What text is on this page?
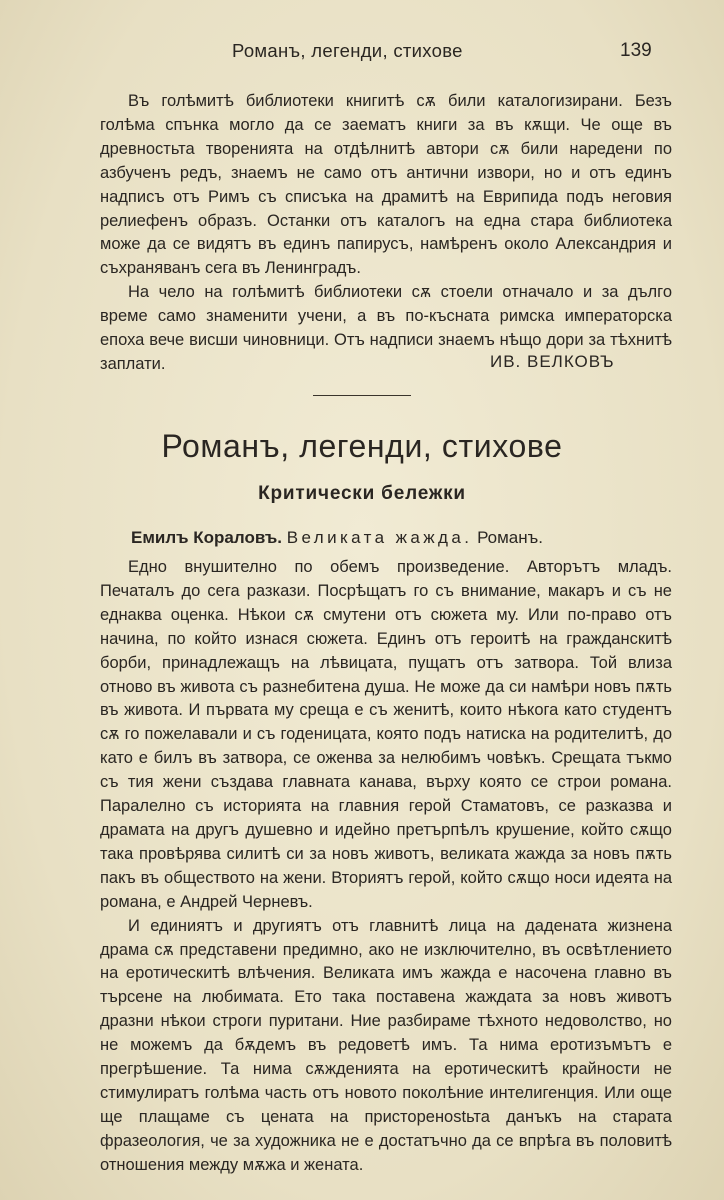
Романъ, легенди, стихове	139

Въ голѣмитѣ библиотеки книгитѣ сѫ били каталогизирани. Безъ голѣма спънка могло да се заематъ книги за въ кѫщи. Че още въ древностьта творенията на отдѣлнитѣ автори сѫ били наредени по азбученъ редъ, знаемъ не само отъ антични извори, но и отъ единъ надписъ отъ Римъ съ списъка на драмитѣ на Еврипида подъ неговия релиефенъ образъ. Останки отъ каталогъ на една стара библиотека може да се видятъ въ единъ папирусъ, намѣренъ около Александрия и съхраняванъ сега въ Ленинградъ.

На чело на голѣмитѣ библиотеки сѫ стоели отначало и за дълго време само знаменити учени, а въ по-късната римска императорска епоха вече висши чиновници. Отъ надписи знаемъ нѣщо дори за тѣхнитѣ заплати.	ИВ. ВЕЛКОВЪ
Романъ, легенди, стихове
Критически бележки
Емилъ Кораловъ. Великата жажда. Романъ.

Едно внушително по обемъ произведение. Авторътъ младъ. Печаталъ до сега разкази. Посрѣщатъ го съ внимание, макаръ и съ не еднаква оценка. Нѣкои сѫ смутени отъ сюжета му. Или по-право отъ начина, по който изнася сюжета. Единъ отъ героитѣ на гражданскитѣ борби, принадлежащъ на лѣвицата, пущатъ отъ затвора. Той влиза отново въ живота съ разнебитена душа. Не може да си намѣри новъ пѫть въ живота. И първата му среща е съ женитѣ, които нѣкога като студентъ сѫ го пожелавали и съ годеницата, която подъ натиска на родителитѣ, до като е билъ въ затвора, се оженва за нелюбимъ човѣкъ. Срещата тъкмо съ тия жени създава главната канава, върху която се строи романа. Паралелно съ историята на главния герой Стаматовъ, се разказва и драмата на другъ душевно и идейно претърпѣлъ крушение, който сѫщо така провѣрява силитѣ си за новъ животъ, великата жажда за новъ пѫть пакъ въ обществото на жени. Вториятъ герой, който сѫщо носи идеята на романа, е Андрей Черневъ.

И единиятъ и другиятъ отъ главнитѣ лица на дадената жизнена драма сѫ представени предимно, ако не изключително, въ освѣтлението на еротическитѣ влѣчения. Великата имъ жажда е насочена главно въ търсене на любимата. Ето така поставена жаждата за новъ животъ дразни нѣкои строги пуритани. Ние разбираме тѣхното недоволство, но не можемъ да бѫдемъ въ редоветѣ имъ. Та нима еротизъмътъ е прегрѣшение. Та нима сѫжденията на еротическитѣ крайности не стимулиратъ голѣма часть отъ новото поколѣние интелигенция. Или още ще плащаме съ цената на присторенostьта данъкъ на старата фразеология, че за художника не е достатъчно да се впрѣга въ половитѣ отношения между мѫжа и жената.
